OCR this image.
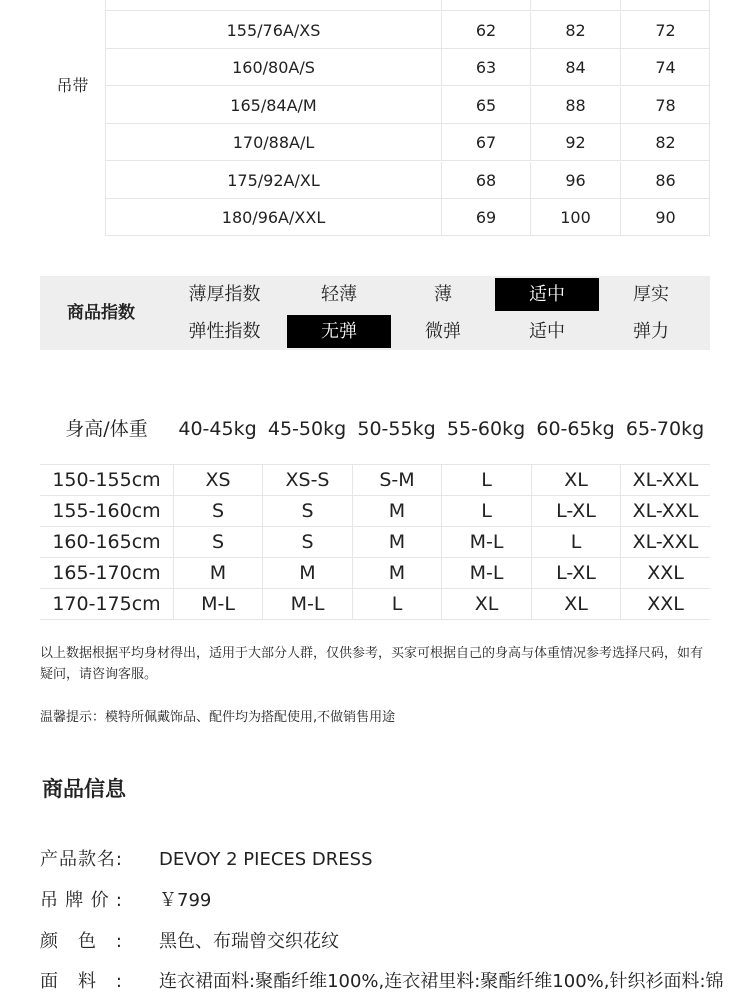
吊带
155/76A/XS	62	82	72
160/80A/S	63	84	74
165/84A/M	65	88	78
170/88A/L	67	92	82
175/92A/XL	68	96	86
180/96A/XXL	69	100	90
商品指数
薄厚指数	轻薄	薄	适中	厚实
弹性指数	无弹	微弹	适中	弹力
身高/体重	40-45kg 45-50kg 50-55kg 55-60kg 60-65kg 65-70kg
150-155cm	XS	XS-S	S-M	L	XL	XL-XXL
155-160cm	S	S	M	L	L-XL	XL-XXL
160-165cm	S	S	M	M-L	L	XL-XXL
165-170cm	M	M	M	M-L	L-XL	XXL
170-175cm	M-L	M-L	L	XL	XL	XXL
以上数据根据平均身材得出，适用于大部分人群，仅供参考，买家可根据自己的身高与体重情况参考选择尺码，如有疑问，请咨询客服。
温馨提示：模特所佩戴饰品、配件均为搭配使用,不做销售用途
商品信息
产 品 款 名 : DEVOY 2 PIECES DRESS
吊 牌 价 : ￥799
颜 色 : 黑色、布瑞曾交织花纹
面 料 : 连衣裙面料:聚酯纤维100%,连衣裙里料:聚酯纤维100%,针织衫面料:锦
